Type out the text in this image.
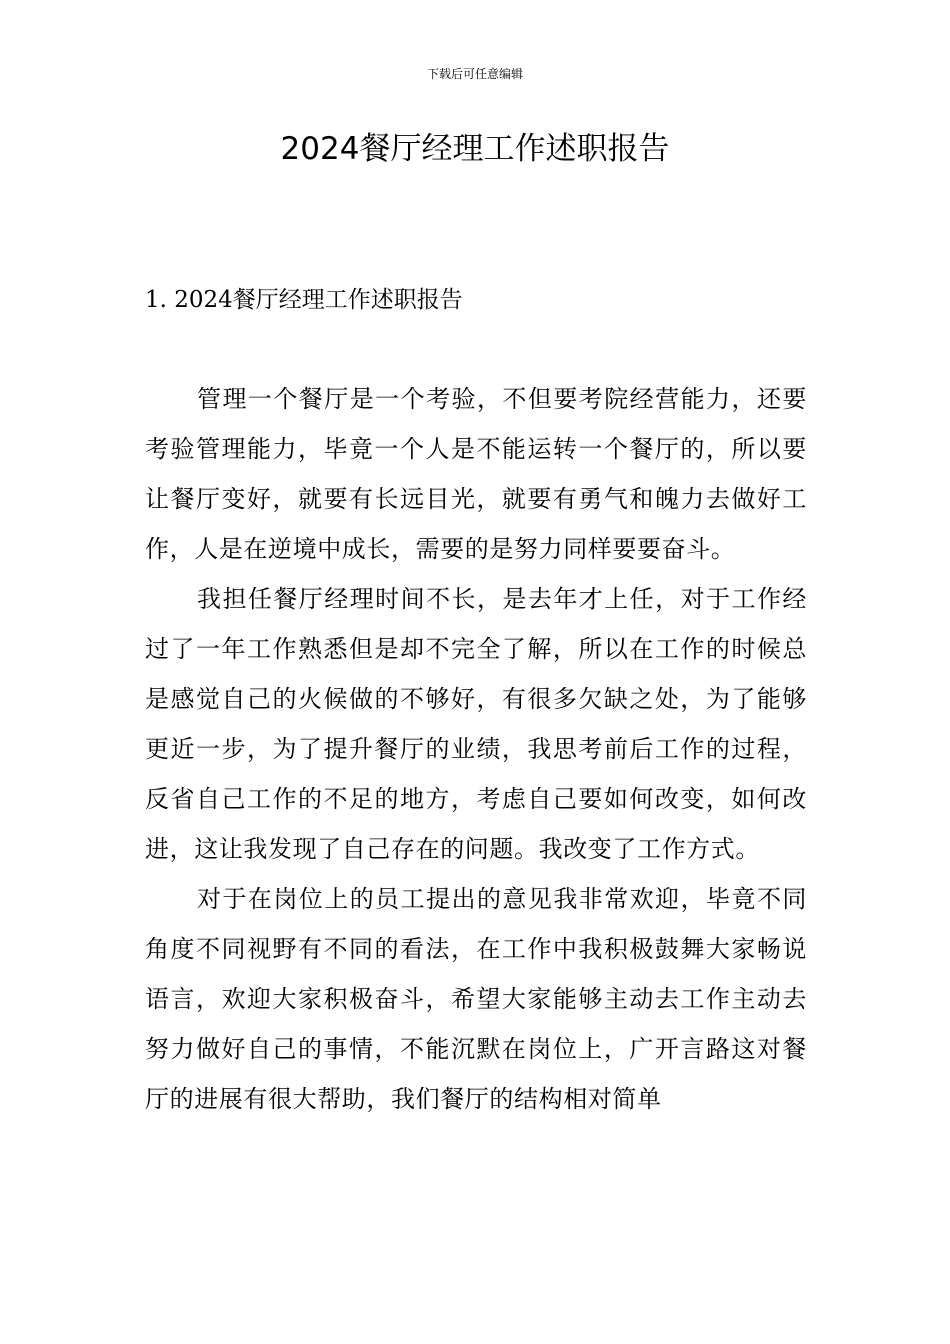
下载后可任意编辑
2024餐厅经理工作述职报告
1. 2024餐厅经理工作述职报告

管理一个餐厅是一个考验，不但要考院经营能力，还要考验管理能力，毕竟一个人是不能运转一个餐厅的，所以要让餐厅变好，就要有长远目光，就要有勇气和魄力去做好工作，人是在逆境中成长，需要的是努力同样要要奋斗。

我担任餐厅经理时间不长，是去年才上任，对于工作经过了一年工作熟悉但是却不完全了解，所以在工作的时候总是感觉自己的火候做的不够好，有很多欠缺之处，为了能够更近一步，为了提升餐厅的业绩，我思考前后工作的过程，反省自己工作的不足的地方，考虑自己要如何改变，如何改进，这让我发现了自己存在的问题。我改变了工作方式。

对于在岗位上的员工提出的意见我非常欢迎，毕竟不同角度不同视野有不同的看法，在工作中我积极鼓舞大家畅说语言，欢迎大家积极奋斗，希望大家能够主动去工作主动去努力做好自己的事情，不能沉默在岗位上，广开言路这对餐厅的进展有很大帮助，我们餐厅的结构相对简单
